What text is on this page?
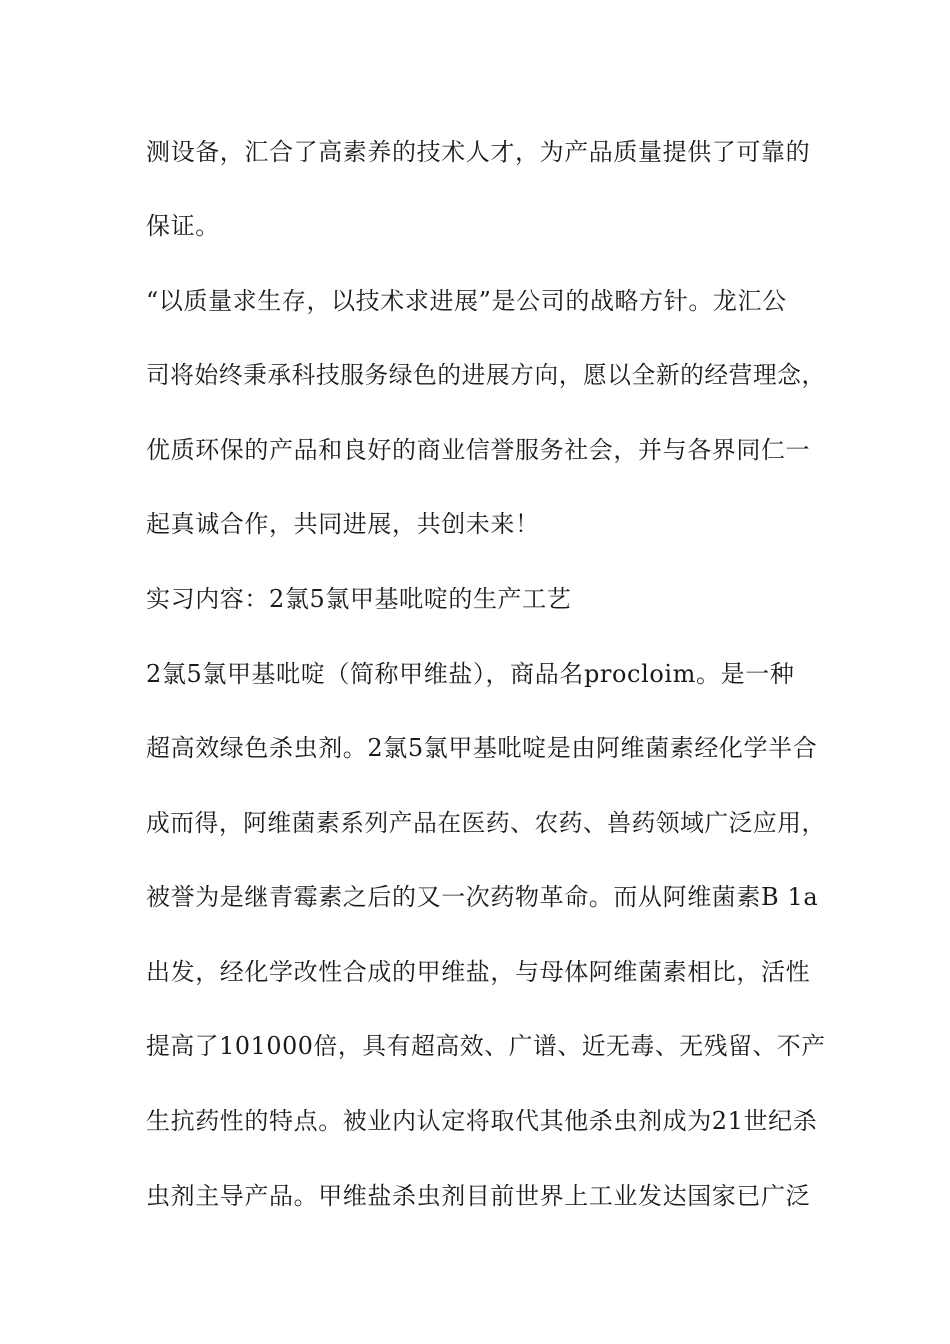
测设备，汇合了高素养的技术人才，为产品质量提供了可靠的
保证。
“以质量求生存，以技术求进展”是公司的战略方针。龙汇公
司将始终秉承科技服务绿色的进展方向，愿以全新的经营理念，
优质环保的产品和良好的商业信誉服务社会，并与各界同仁一
起真诚合作，共同进展，共创未来！
实习内容：2氯5氯甲基吡啶的生产工艺
2氯5氯甲基吡啶（简称甲维盐），商品名procloim。是一种
超高效绿色杀虫剂。2氯5氯甲基吡啶是由阿维菌素经化学半合
成而得，阿维菌素系列产品在医药、农药、兽药领域广泛应用，
被誉为是继青霉素之后的又一次药物革命。而从阿维菌素B 1a
出发，经化学改性合成的甲维盐，与母体阿维菌素相比，活性
提高了101000倍，具有超高效、广谱、近无毒、无残留、不产
生抗药性的特点。被业内认定将取代其他杀虫剂成为21世纪杀
虫剂主导产品。甲维盐杀虫剂目前世界上工业发达国家已广泛
